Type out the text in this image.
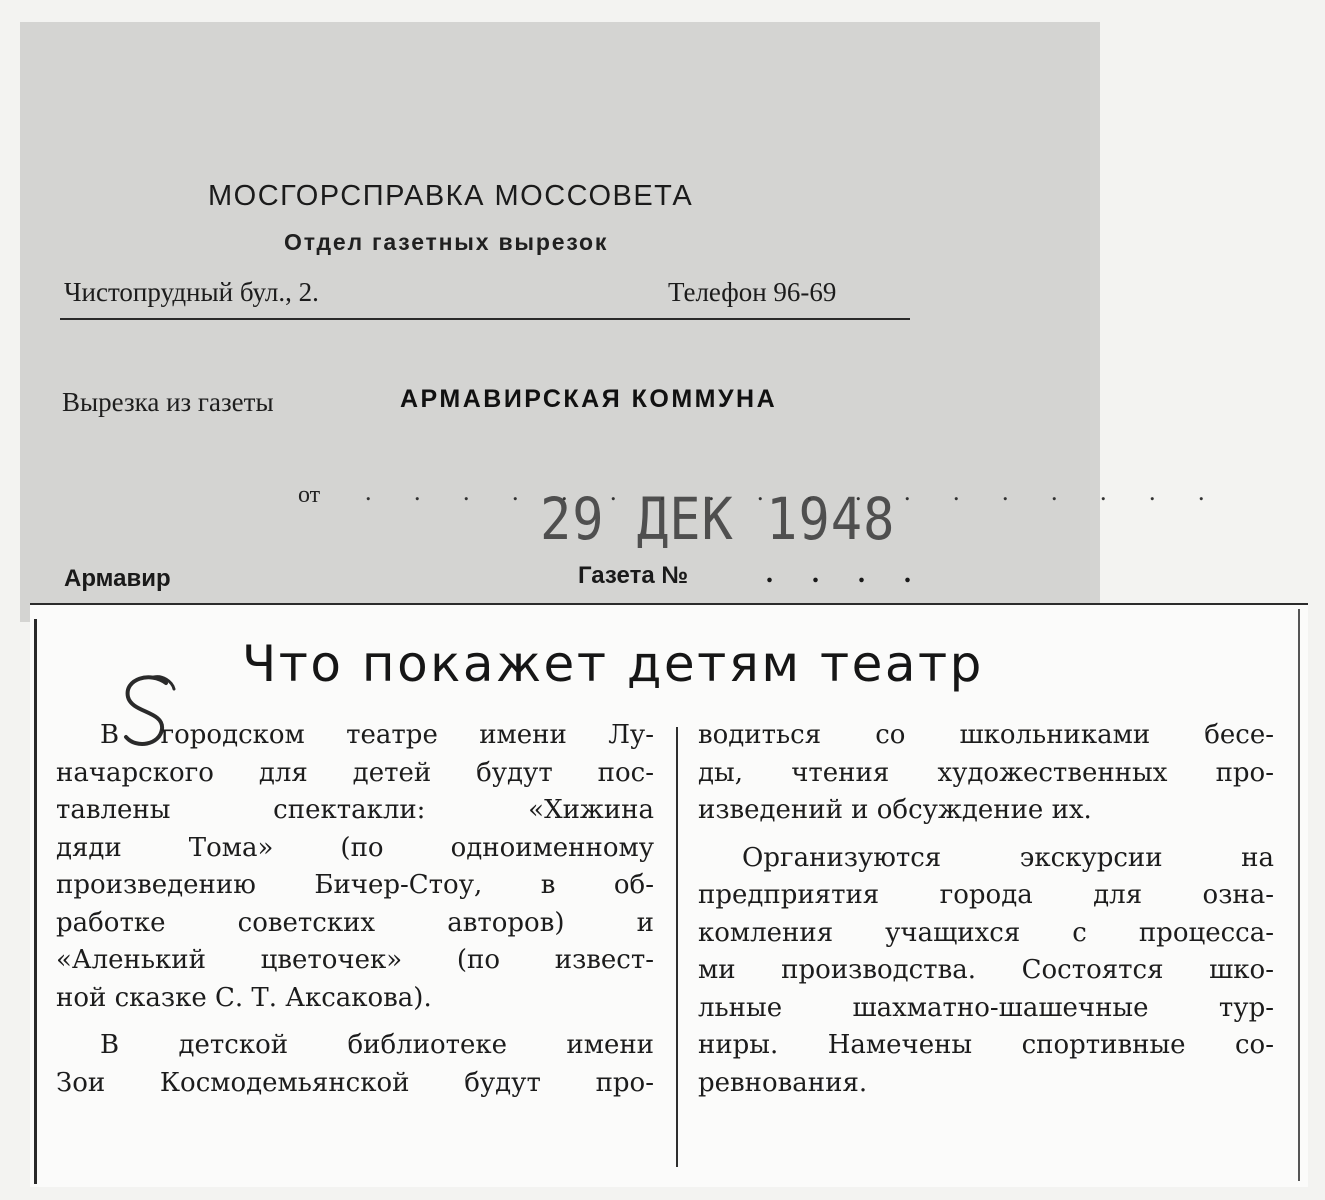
МОСГОРСПРАВКА МОССОВЕТА
Отдел газетных вырезок
Чистопрудный бул., 2.	Телефон 96-69
Вырезка из газеты	АРМАВИРСКАЯ КОММУНА
от . . . . . . . . . . . . . . . . . .
29 ДЕК 1948
Армавир	Газета №	. . . .
Что покажет детям театр
В городском театре имени Лу-
начарского для детей будут пос-
тавлены спектакли: «Хижина
дяди Тома» (по одноименному
произведению Бичер-Стоу, в об-
работке советских авторов) и
«Аленький цветочек» (по извест-
ной сказке С. Т. Аксакова).
В детской библиотеке имени
Зои Космодемьянской будут про-
водиться со школьниками бесе-
ды, чтения художественных про-
изведений и обсуждение их.
Организуются экскурсии на
предприятия города для озна-
комления учащихся с процесса-
ми производства. Состоятся шко-
льные шахматно-шашечные тур-
ниры. Намечены спортивные со-
ревнования.
